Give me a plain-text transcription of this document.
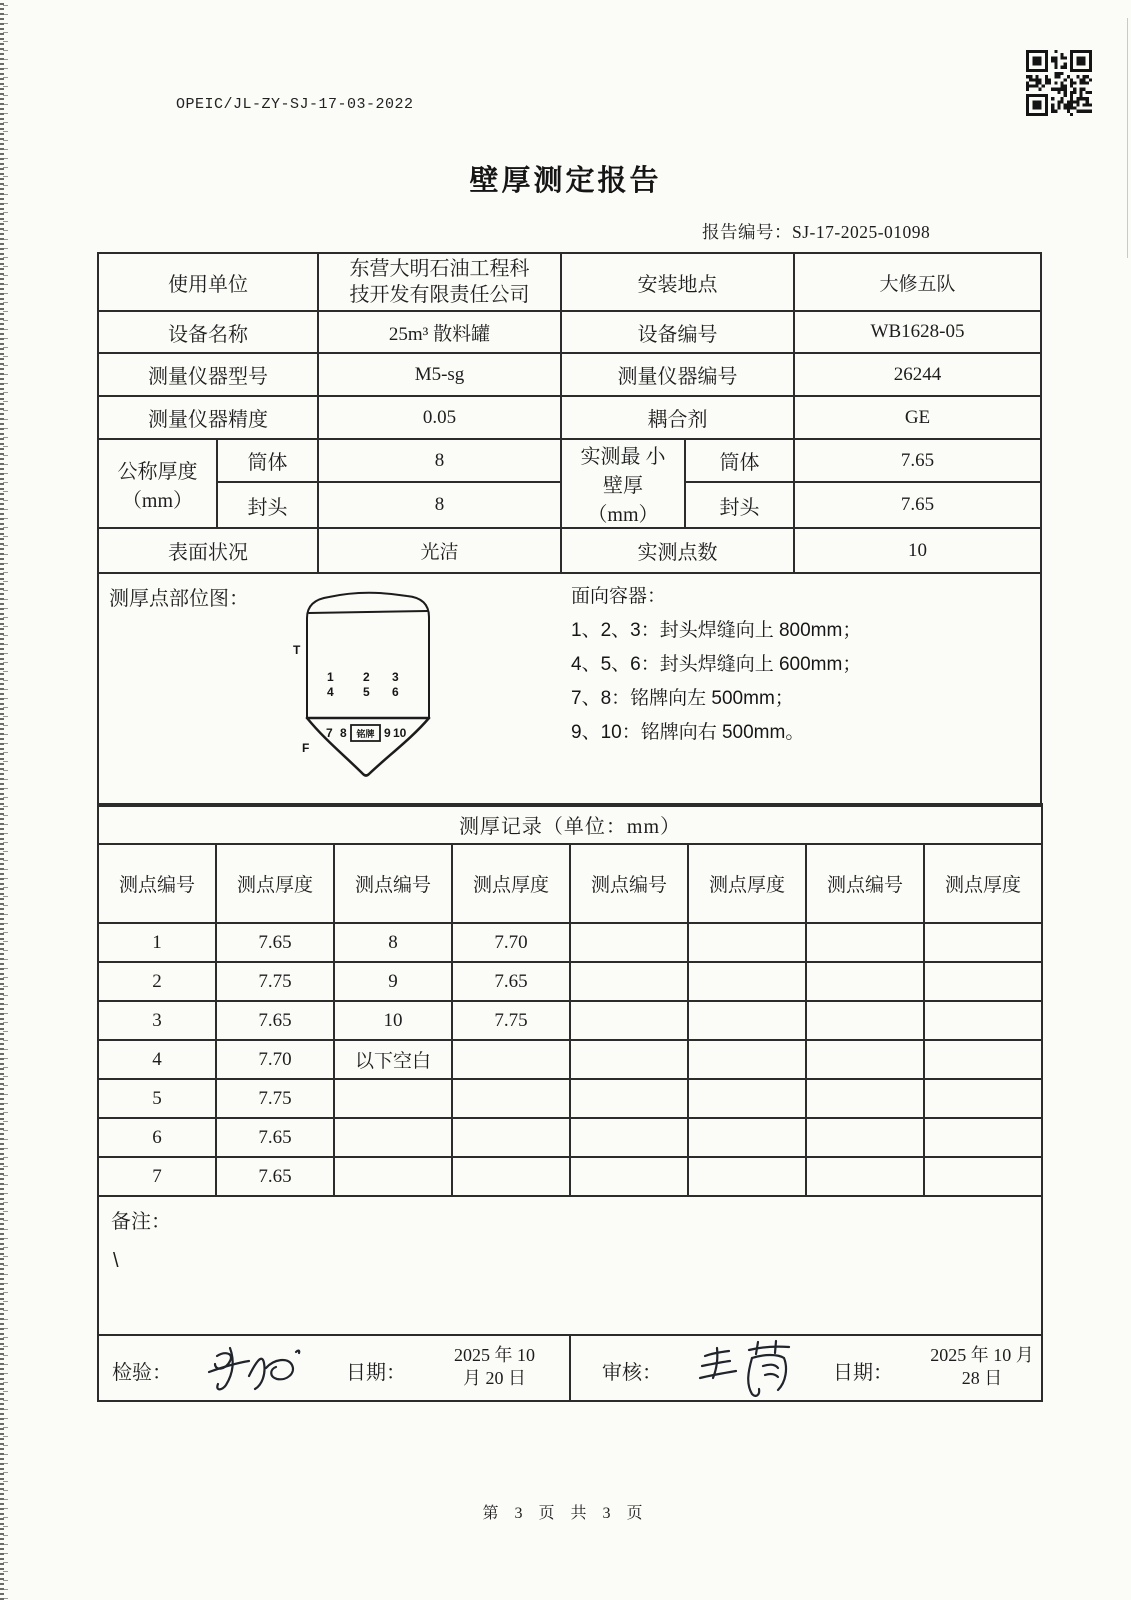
OPEIC/JL-ZY-SJ-17-03-2022
壁厚测定报告
报告编号：SJ-17-2025-01098
使用单位		东营大明石油工程科技开发有限责任公司	安装地点		大修五队
设备名称		25m³ 散料罐	设备编号		WB1628-05
测量仪器型号		M5-sg	测量仪器编号		26244
测量仪器精度		0.05	耦合剂		GE
公称厚度 （mm）	筒体	8	实测最 小壁厚 （mm）	筒体	7.65
	封头	8		封头	7.65
表面状况		光洁	实测点数		10

测厚点部位图：
T
F
1 2 3
4 5 6
7 8	9 10
铭牌
面向容器：
1、2、3：封头焊缝向上 800mm；
4、5、6：封头焊缝向上 600mm；
7、8：铭牌向左 500mm；
9、10：铭牌向右 500mm。
测厚记录（单位：mm）							
测点编号	测点厚度	测点编号	测点厚度	测点编号	测点厚度	测点编号	测点厚度
1	7.65	8	7.70				
2	7.75	9	7.65				
3	7.65	10	7.75				
4	7.70	以下空白					
5	7.75						
6	7.65						
7	7.65						

备注：
\							

检验： 日期：
2025 年 10
月 20 日				审核： 日期：
2025 年 10 月
28 日			
第 3 页 共 3 页
